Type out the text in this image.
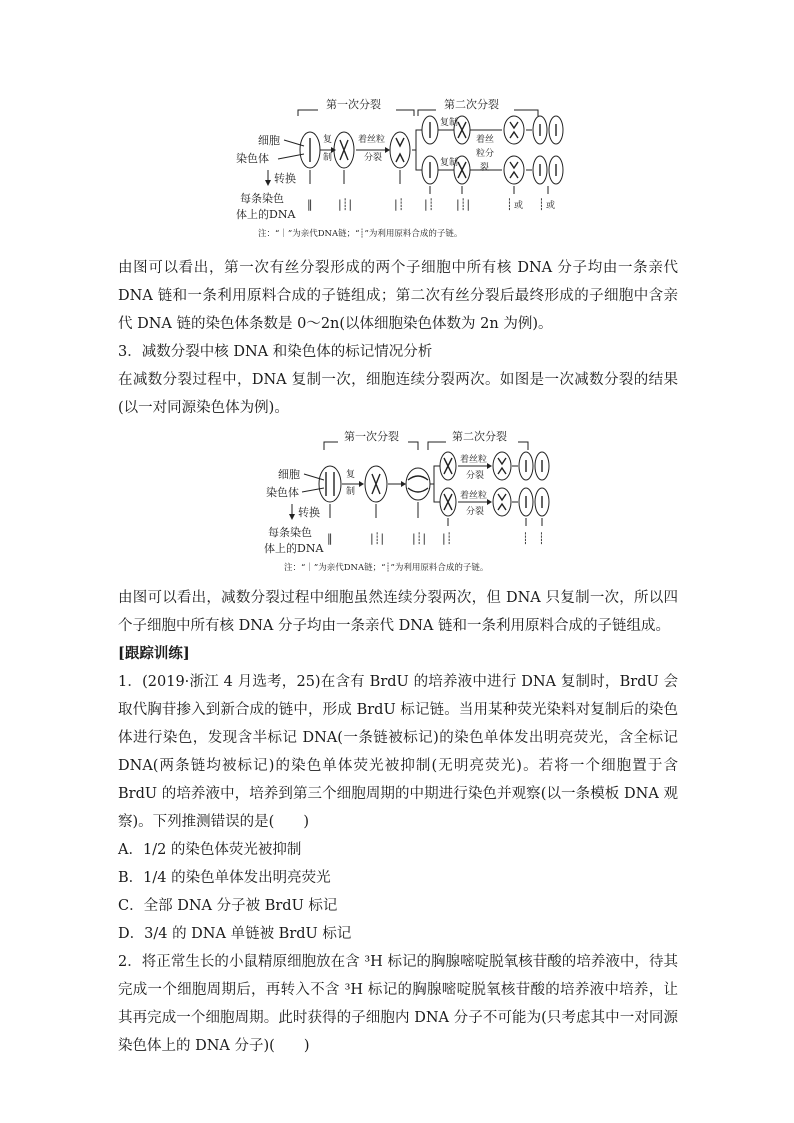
第一次分裂	第二次分裂
细胞
染色体
转换
每条染色
体上的DNA
复
制
着丝粒
分裂
复制
复制
着丝
粒分
裂
‖ |┊|	|┊ |┊ |┊|	┊ 或 ┊ 或
注：“｜”为亲代DNA链；“┊”为利用原料合成的子链。

由图可以看出，第一次有丝分裂形成的两个子细胞中所有核 DNA 分子均由一条亲代 DNA 链和一条利用原料合成的子链组成；第二次有丝分裂后最终形成的子细胞中含亲代 DNA 链的染色体条数是 0～2n(以体细胞染色体数为 2n 为例)。

3．减数分裂中核 DNA 和染色体的标记情况分析

在减数分裂过程中，DNA 复制一次，细胞连续分裂两次。如图是一次减数分裂的结果(以一对同源染色体为例)。

第一次分裂	第二次分裂
细胞
染色体
转换
每条染色
体上的DNA
复
制
着丝粒
分裂
着丝粒
分裂
‖	|┊|	|┊| |┊	┊ ┊
注：“｜”为亲代DNA链；“┊”为利用原料合成的子链。

由图可以看出，减数分裂过程中细胞虽然连续分裂两次，但 DNA 只复制一次，所以四个子细胞中所有核 DNA 分子均由一条亲代 DNA 链和一条利用原料合成的子链组成。

[跟踪训练]

1．(2019·浙江 4 月选考，25)在含有 BrdU 的培养液中进行 DNA 复制时，BrdU 会取代胸苷掺入到新合成的链中，形成 BrdU 标记链。当用某种荧光染料对复制后的染色体进行染色，发现含半标记 DNA(一条链被标记)的染色单体发出明亮荧光，含全标记 DNA(两条链均被标记)的染色单体荧光被抑制(无明亮荧光)。若将一个细胞置于含 BrdU 的培养液中，培养到第三个细胞周期的中期进行染色并观察(以一条模板 DNA 观察)。下列推测错误的是(　　)

A．1/2 的染色体荧光被抑制

B．1/4 的染色单体发出明亮荧光

C．全部 DNA 分子被 BrdU 标记

D．3/4 的 DNA 单链被 BrdU 标记

2．将正常生长的小鼠精原细胞放在含 ³H 标记的胸腺嘧啶脱氧核苷酸的培养液中，待其完成一个细胞周期后，再转入不含 ³H 标记的胸腺嘧啶脱氧核苷酸的培养液中培养，让其再完成一个细胞周期。此时获得的子细胞内 DNA 分子不可能为(只考虑其中一对同源染色体上的 DNA 分子)(　　)
